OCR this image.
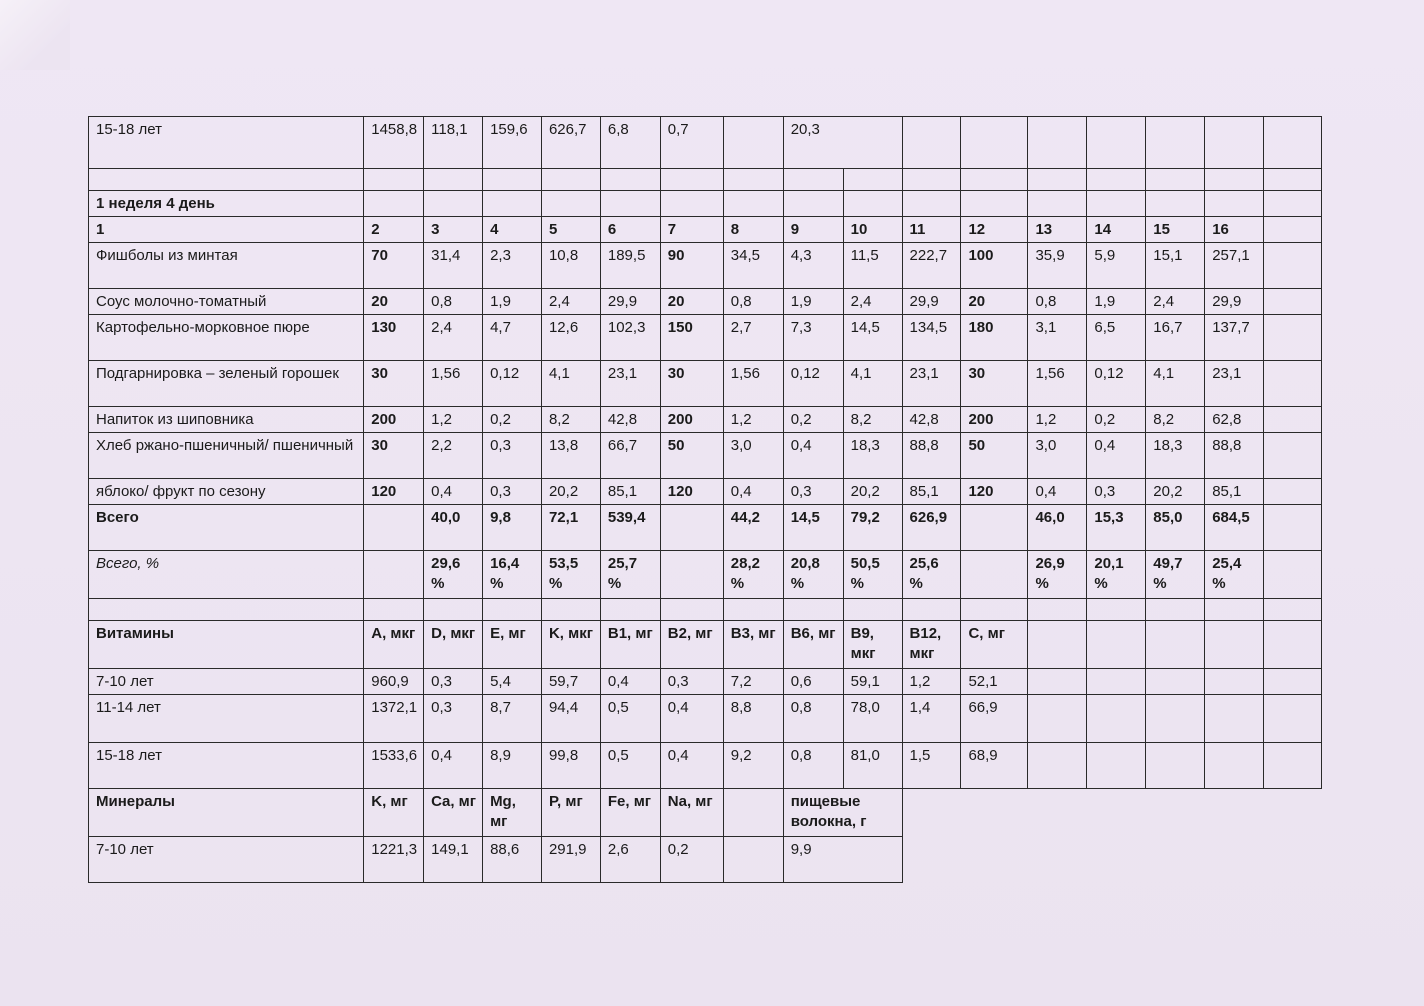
15-18 лет	1458,8	118,1	159,6	626,7	6,8	0,7		20,3								

1 неделя 4 день																
1	2	3	4	5	6	7	8	9	10	11	12	13	14	15	16	
Фишболы из минтая	70	31,4	2,3	10,8	189,5	90	34,5	4,3	11,5	222,7	100	35,9	5,9	15,1	257,1	
Соус молочно-томатный	20	0,8	1,9	2,4	29,9	20	0,8	1,9	2,4	29,9	20	0,8	1,9	2,4	29,9	
Картофельно-морковное пюре	130	2,4	4,7	12,6	102,3	150	2,7	7,3	14,5	134,5	180	3,1	6,5	16,7	137,7	
Подгарнировка – зеленый горошек	30	1,56	0,12	4,1	23,1	30	1,56	0,12	4,1	23,1	30	1,56	0,12	4,1	23,1	
Напиток из шиповника	200	1,2	0,2	8,2	42,8	200	1,2	0,2	8,2	42,8	200	1,2	0,2	8,2	62,8	
Хлеб ржано-пшеничный/ пшеничный	30	2,2	0,3	13,8	66,7	50	3,0	0,4	18,3	88,8	50	3,0	0,4	18,3	88,8	
яблоко/ фрукт по сезону	120	0,4	0,3	20,2	85,1	120	0,4	0,3	20,2	85,1	120	0,4	0,3	20,2	85,1	
Всего		40,0	9,8	72,1	539,4		44,2	14,5	79,2	626,9		46,0	15,3	85,0	684,5	
Всего, %		29,6 %	16,4 %	53,5 %	25,7 %		28,2 %	20,8 %	50,5 %	25,6 %		26,9 %	20,1 %	49,7 %	25,4 %	

Витамины	A, мкг	D, мкг	E, мг	K, мкг	B1, мг	B2, мг	B3, мг	B6, мг	B9, мкг	B12, мкг	C, мг					
7-10 лет	960,9	0,3	5,4	59,7	0,4	0,3	7,2	0,6	59,1	1,2	52,1					
11-14 лет	1372,1	0,3	8,7	94,4	0,5	0,4	8,8	0,8	78,0	1,4	66,9					
15-18 лет	1533,6	0,4	8,9	99,8	0,5	0,4	9,2	0,8	81,0	1,5	68,9					
Минералы	K, мг	Ca, мг	Mg, мг	P, мг	Fe, мг	Na, мг		пищевые волокна, г								
7-10 лет	1221,3	149,1	88,6	291,9	2,6	0,2		9,9								
